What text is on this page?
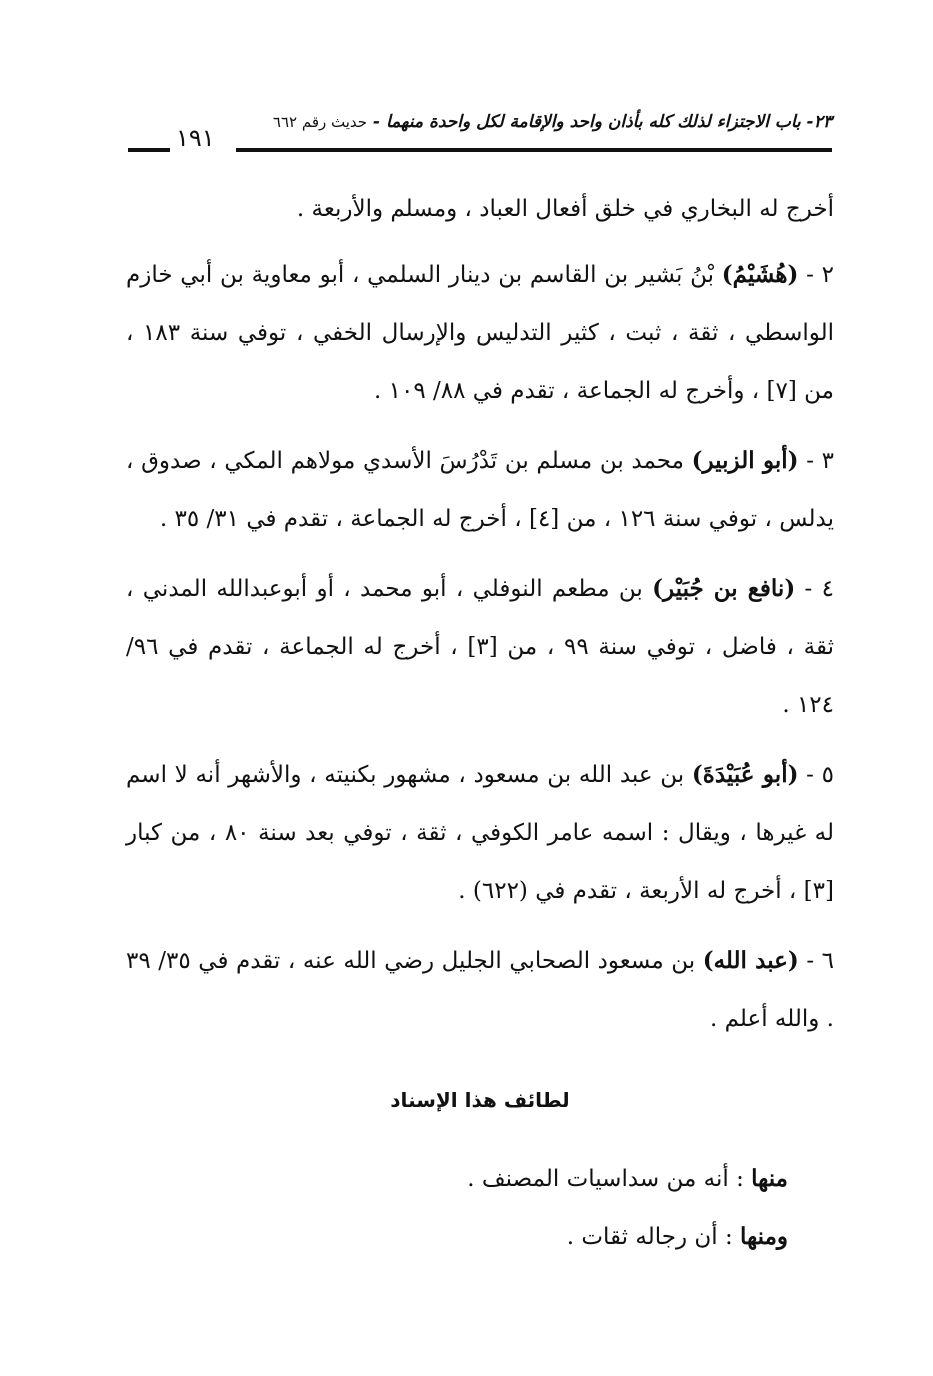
٢٣- باب الاجتزاء لذلك كله بأذان واحد والإقامة لكل واحدة منهما - حديث رقم ٦٦٢
١٩١

أخرج له البخاري في خلق أفعال العباد ، ومسلم والأربعة .

٢ - (هُشَيْمُ) بْنُ بَشير بن القاسم بن دينار السلمي ، أبو معاوية بن أبي خازم الواسطي ، ثقة ، ثبت ، كثير التدليس والإرسال الخفي ، توفي سنة ١٨٣ ، من [٧] ، وأخرج له الجماعة ، تقدم في ٨٨/ ١٠٩ .

٣ - (أبو الزبير) محمد بن مسلم بن تَدْرُسَ الأسدي مولاهم المكي ، صدوق ، يدلس ، توفي سنة ١٢٦ ، من [٤] ، أخرج له الجماعة ، تقدم في ٣١/ ٣٥ .

٤ - (نافع بن جُبَيْر) بن مطعم النوفلي ، أبو محمد ، أو أبوعبدالله المدني ، ثقة ، فاضل ، توفي سنة ٩٩ ، من [٣] ، أخرج له الجماعة ، تقدم في ٩٦/ ١٢٤ .

٥ - (أبو عُبَيْدَةَ) بن عبد الله بن مسعود ، مشهور بكنيته ، والأشهر أنه لا اسم له غيرها ، ويقال : اسمه عامر الكوفي ، ثقة ، توفي بعد سنة ٨٠ ، من كبار [٣] ، أخرج له الأربعة ، تقدم في (٦٢٢) .

٦ - (عبد الله) بن مسعود الصحابي الجليل رضي الله عنه ، تقدم في ٣٥/ ٣٩ . والله أعلم .

لطائف هذا الإسناد

منها : أنه من سداسيات المصنف .

ومنها : أن رجاله ثقات .
